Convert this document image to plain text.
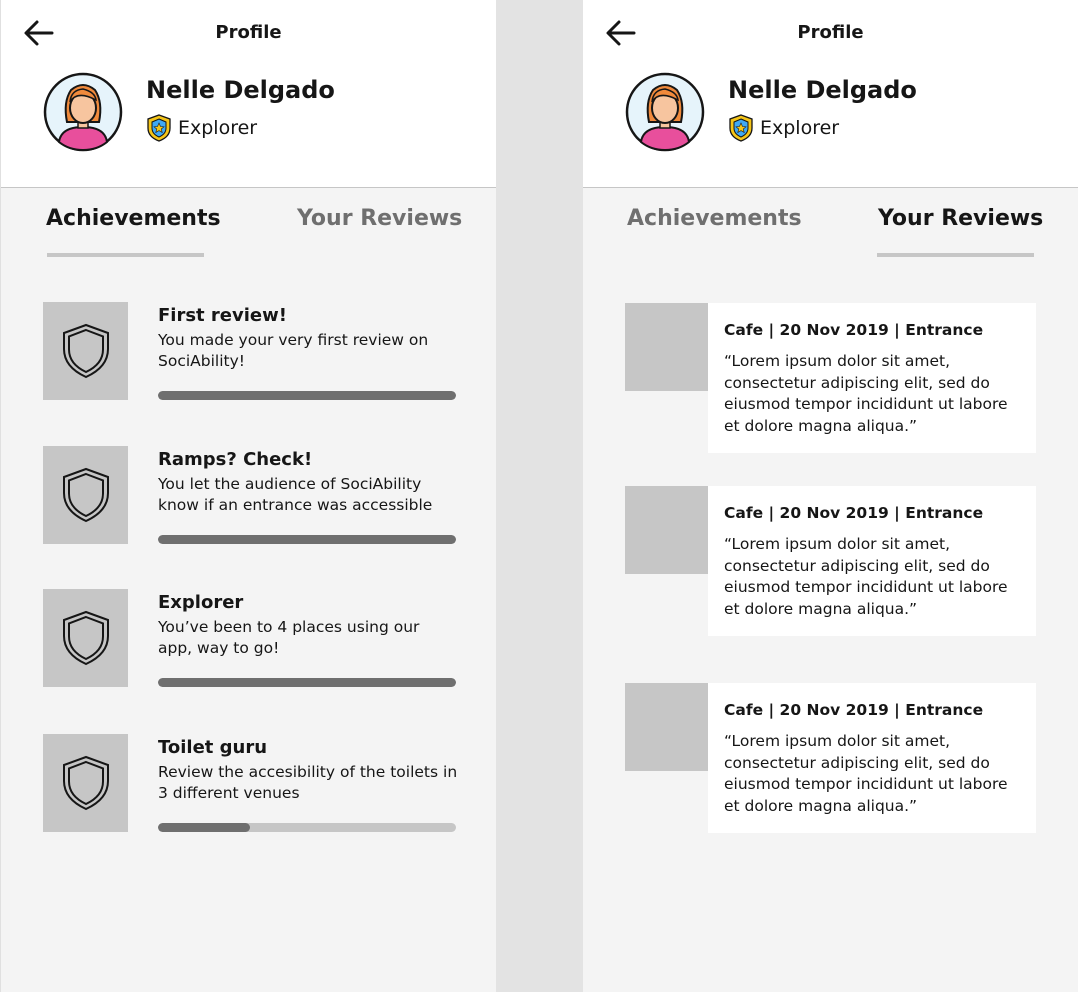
Profile
Nelle Delgado
Explorer
Achievements	Your Reviews
First review!
You made your very first review on SociAbility!
Ramps? Check!
You let the audience of SociAbility know if an entrance was accessible
Explorer
You’ve been to 4 places using our app, way to go!
Toilet guru
Review the accesibility of the toilets in 3 different venues
Profile
Nelle Delgado
Explorer
Achievements	Your Reviews
Cafe | 20 Nov 2019 | Entrance
“Lorem ipsum dolor sit amet, consectetur adipiscing elit, sed do eiusmod tempor incididunt ut labore et dolore magna aliqua.”
Cafe | 20 Nov 2019 | Entrance
“Lorem ipsum dolor sit amet, consectetur adipiscing elit, sed do eiusmod tempor incididunt ut labore et dolore magna aliqua.”
Cafe | 20 Nov 2019 | Entrance
“Lorem ipsum dolor sit amet, consectetur adipiscing elit, sed do eiusmod tempor incididunt ut labore et dolore magna aliqua.”
